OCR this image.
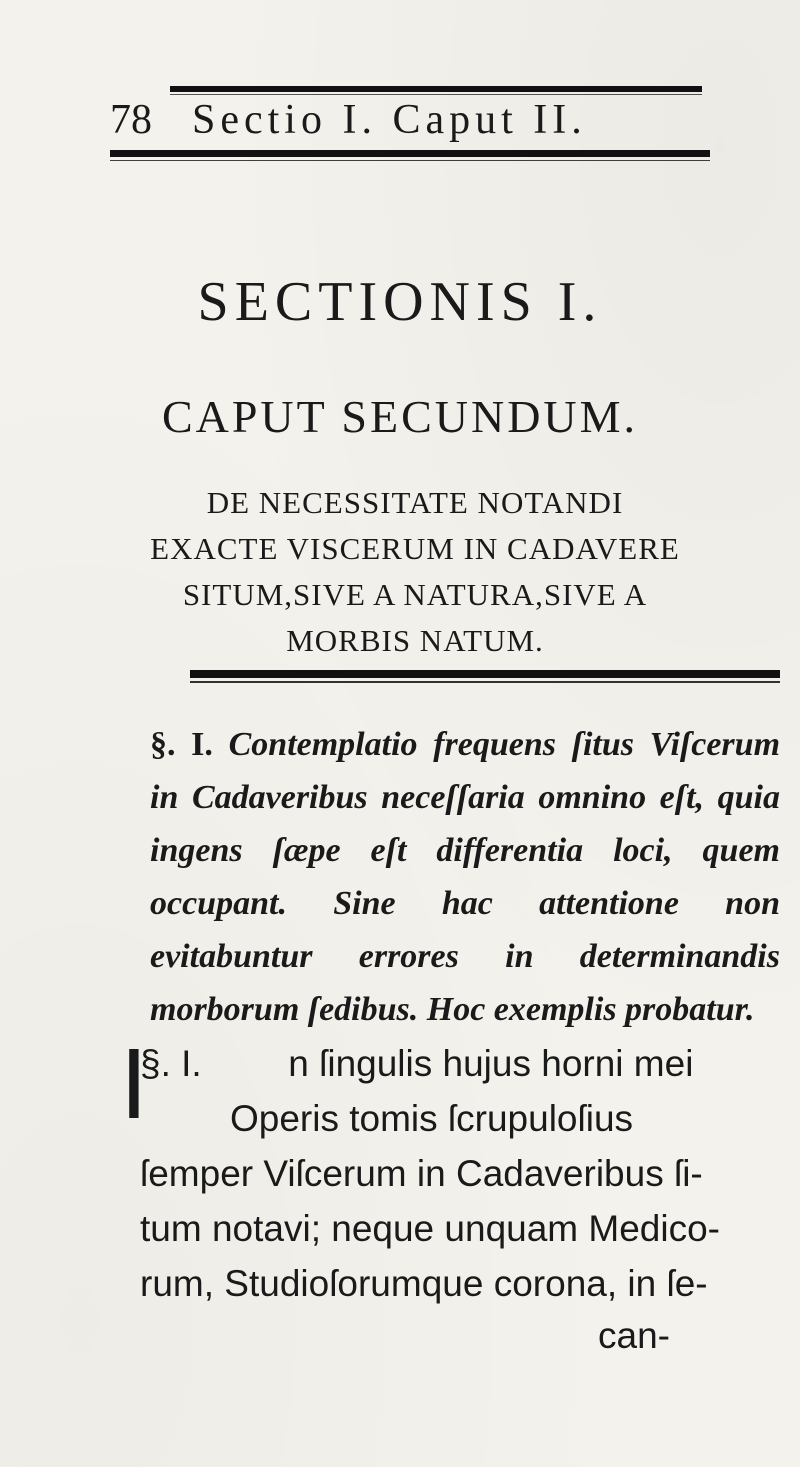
78 Sectio I. Caput II.
SECTIONIS I.
CAPUT SECUNDUM.
DE NECESSITATE NOTANDI
EXACTE VISCERUM IN CADAVERE
SITUM,SIVE A NATURA,SIVE A
MORBIS NATUM.
§. I. Contemplatio frequens ſitus Viſcerum in Cadaveribus neceſſaria omnino eſt, quia ingens ſæpe eſt differentia loci, quem occupant. Sine hac attentione non evitabuntur errores in determinandis morborum ſedibus. Hoc exemplis probatur.
I
§. I. n ſingulis hujus horni mei
Operis tomis ſcrupuloſius
ſemper Viſcerum in Cadaveribus ſi-
tum notavi; neque unquam Medico-
rum, Studioſorumque corona, in ſe-
can-
